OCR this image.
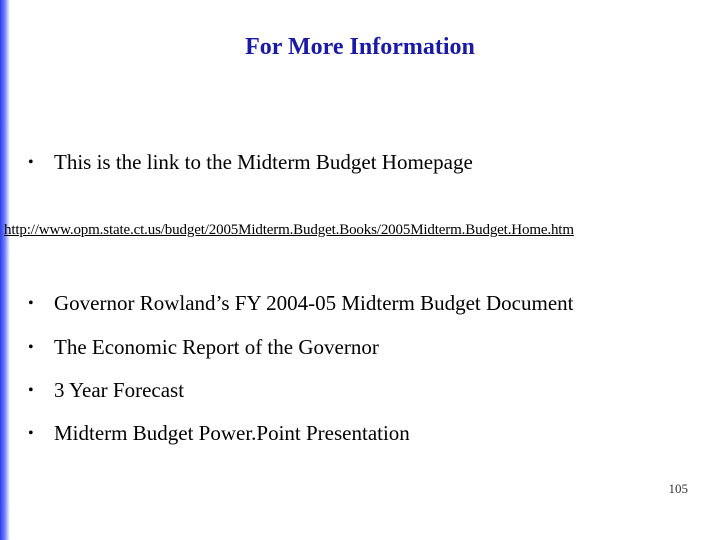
For More Information
• This is the link to the Midterm Budget Homepage
http://www.opm.state.ct.us/budget/2005Midterm.Budget.Books/2005Midterm.Budget.Home.htm
• Governor Rowland’s FY 2004-05 Midterm Budget Document
• The Economic Report of the Governor
• 3 Year Forecast
• Midterm Budget Power.Point Presentation
105
